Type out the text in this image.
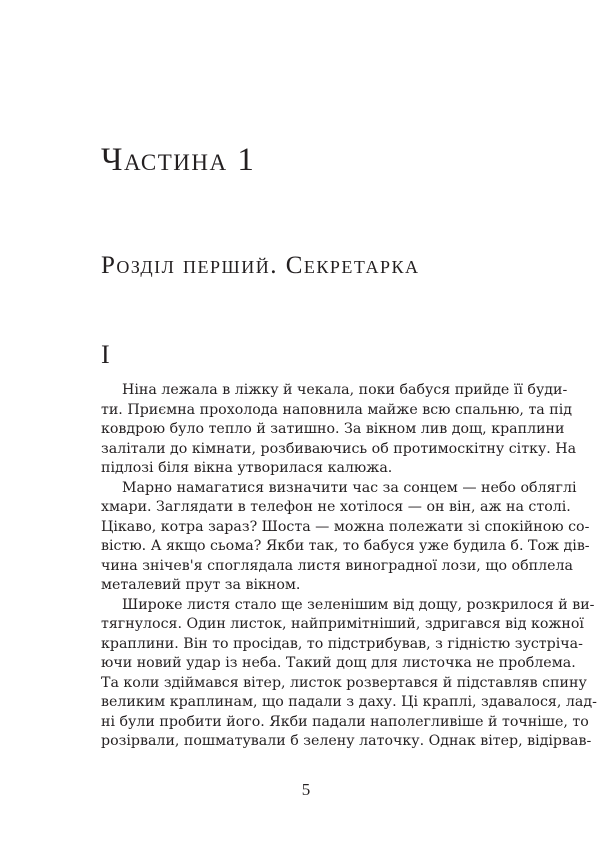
Частина 1
Розділ перший. Секретарка
I
Ніна лежала в ліжку й чекала, поки бабуся прийде її буди-
ти. Приємна прохолода наповнила майже всю спальню, та під
ковдрою було тепло й затишно. За вікном лив дощ, краплини
залітали до кімнати, розбиваючись об протимоскітну сітку. На
підлозі біля вікна утворилася калюжа.
Марно намагатися визначити час за сонцем — небо обляглі
хмари. Заглядати в телефон не хотілося — он він, аж на столі.
Цікаво, котра зараз? Шоста — можна полежати зі спокійною со-
вістю. А якщо сьома? Якби так, то бабуся уже будила б. Тож дів-
чина знічев'я споглядала листя виноградної лози, що обплела
металевий прут за вікном.
Широке листя стало ще зеленішим від дощу, розкрилося й ви-
тягнулося. Один листок, найпримітніший, здригався від кожної
краплини. Він то просідав, то підстрибував, з гідністю зустріча-
ючи новий удар із неба. Такий дощ для листочка не проблема.
Та коли здіймався вітер, листок розвертався й підставляв спину
великим краплинам, що падали з даху. Ці краплі, здавалося, лад-
ні були пробити його. Якби падали наполегливіше й точніше, то
розірвали, пошматували б зелену латочку. Однак вітер, відірвав-
5
